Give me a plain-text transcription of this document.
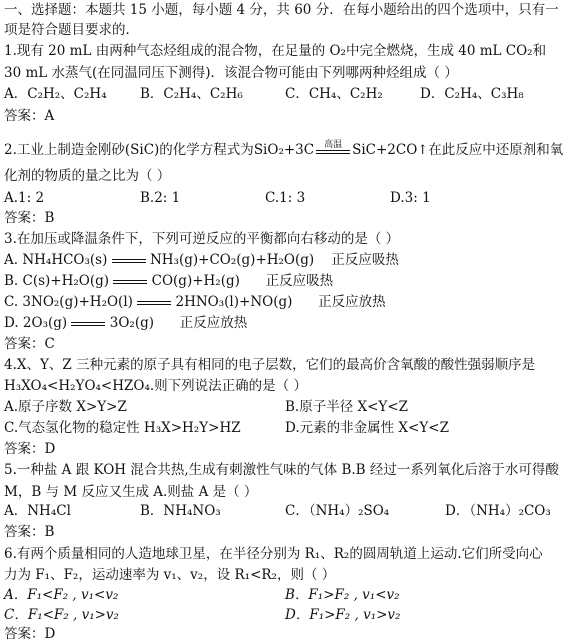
一、选择题：本题共 15 小题，每小题 4 分，共 60 分．在每小题给出的四个选项中，只有一
项是符合题目要求的．
1.现有 20 mL 由两种气态烃组成的混合物，在足量的 O₂中完全燃烧，生成 40 mL CO₂和
30 mL 水蒸气(在同温同压下测得)．该混合物可能由下列哪两种烃组成（ ）
A．C₂H₂、C₂H₄ B．C₂H₄、C₂H₆	C．CH₄、C₂H₂	D．C₂H₄、C₃H₈
答案：A
2.工业上制造金刚砂(SiC)的化学方程式为SiO₂+3C	高温 SiC+2CO↑在此反应中还原剂和氧
化剂的物质的量之比为（ ）
A.1: 2	B.2: 1	C.1: 3	D.3: 1
答案：B
3.在加压或降温条件下，下列可逆反应的平衡都向右移动的是（ ）
A. NH₄HCO₃(s)	NH₃(g)+CO₂(g)+H₂O(g) 正反应吸热
B. C(s)+H₂O(g)	CO(g)+H₂(g) 正反应吸热
C. 3NO₂(g)+H₂O(l)	2HNO₃(l)+NO(g) 正反应放热
D. 2O₃(g)	3O₂(g) 正反应放热
答案：C
4.X、Y、Z 三种元素的原子具有相同的电子层数，它们的最高价含氧酸的酸性强弱顺序是
H₃XO₄<H₂YO₄<HZO₄.则下列说法正确的是（ ）
A.原子序数 X>Y>Z	B.原子半径 X<Y<Z
C.气态氢化物的稳定性 H₃X>H₂Y>HZ	D.元素的非金属性 X<Y<Z
答案：D
5.一种盐 A 跟 KOH 混合共热,生成有刺激性气味的气体 B.B 经过一系列氧化后溶于水可得酸
M，B 与 M 反应又生成 A.则盐 A 是（ ）
A．NH₄Cl	B．NH₄NO₃	C．（NH₄）₂SO₄	D．（NH₄）₂CO₃
答案：B
6.有两个质量相同的人造地球卫星，在半径分别为 R₁、R₂的圆周轨道上运动.它们所受向心
力为 F₁、F₂，运动速率为 v₁、v₂，设 R₁<R₂，则（ ）
A．F₁<F₂ , v₁<v₂	B．F₁>F₂ , v₁<v₂
C．F₁<F₂ , v₁>v₂	D．F₁>F₂ , v₁>v₂
答案：D
